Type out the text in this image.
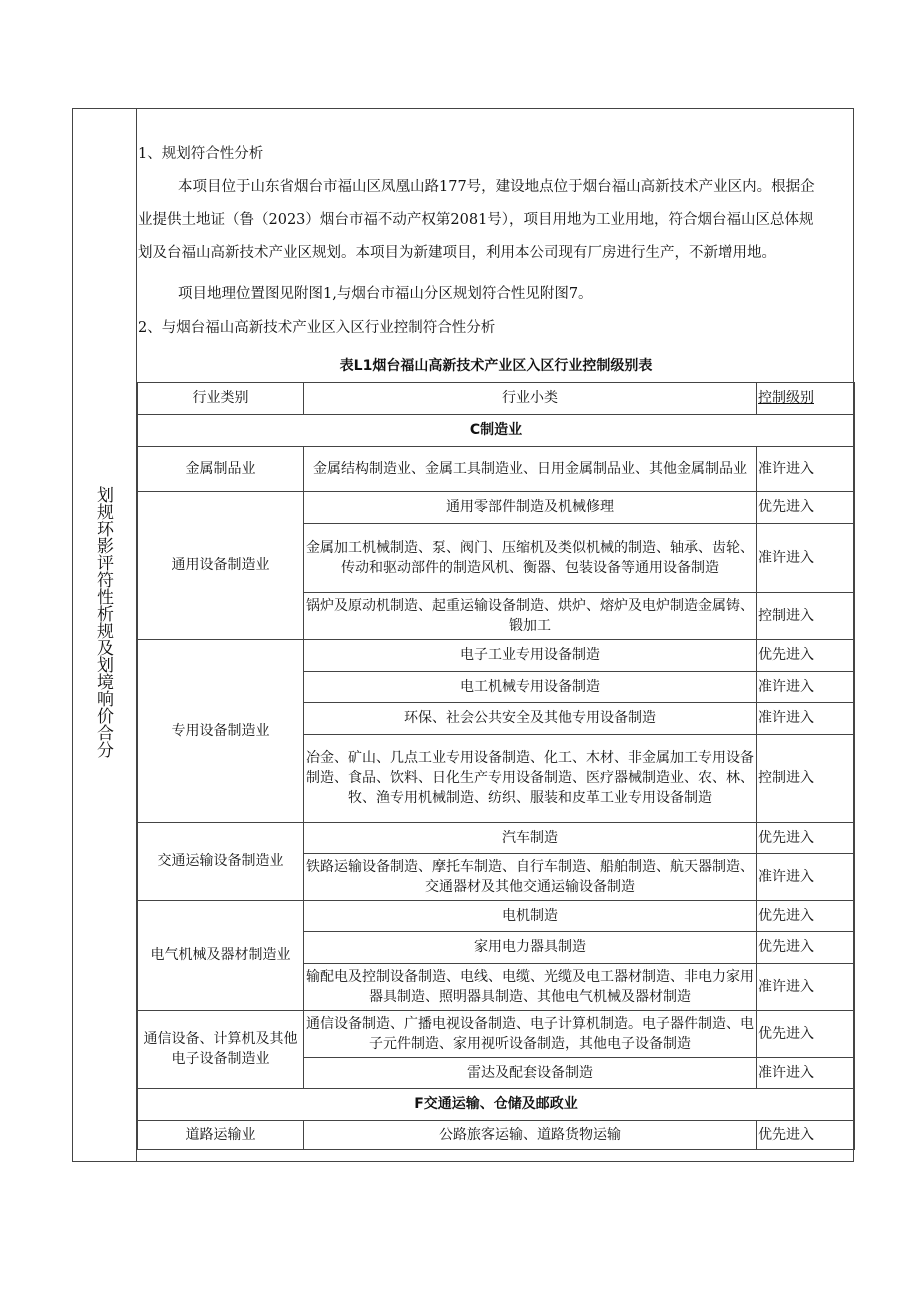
划规环影评符性析规及划境响价合分
1、规划符合性分析
本项目位于山东省烟台市福山区凤凰山路177号，建设地点位于烟台福山高新技术产业区内。根据企
业提供土地证（鲁（2023）烟台市福不动产权第2081号），项目用地为工业用地，符合烟台福山区总体规
划及台福山高新技术产业区规划。本项目为新建项目，利用本公司现有厂房进行生产，不新增用地。
项目地理位置图见附图1,与烟台市福山分区规划符合性见附图7。
2、与烟台福山高新技术产业区入区行业控制符合性分析
表L1烟台福山高新技术产业区入区行业控制级别表		
行业类别	行业小类	控制级别
C制造业		
金属制品业	金属结构制造业、金属工具制造业、日用金属制品业、其他金属制品业	准许进入
通用设备制造业	通用零部件制造及机械修理	优先进入
	金属加工机械制造、泵、阀门、压缩机及类似机械的制造、轴承、齿轮、传动和驱动部件的制造风机、衡器、包装设备等通用设备制造	准许进入
	锅炉及原动机制造、起重运输设备制造、烘炉、熔炉及电炉制造金属铸、锻加工	控制进入
专用设备制造业	电子工业专用设备制造	优先进入
	电工机械专用设备制造	准许进入
	环保、社会公共安全及其他专用设备制造	准许进入
	冶金、矿山、几点工业专用设备制造、化工、木材、非金属加工专用设备制造、食品、饮料、日化生产专用设备制造、医疗器械制造业、农、林、牧、渔专用机械制造、纺织、服装和皮革工业专用设备制造	控制进入
交通运输设备制造业	汽车制造	优先进入
	铁路运输设备制造、摩托车制造、自行车制造、船舶制造、航天器制造、交通器材及其他交通运输设备制造	准许进入
电气机械及器材制造业	电机制造	优先进入
	家用电力器具制造	优先进入
	输配电及控制设备制造、电线、电缆、光缆及电工器材制造、非电力家用器具制造、照明器具制造、其他电气机械及器材制造	准许进入
通信设备、计算机及其他电子设备制造业	通信设备制造、广播电视设备制造、电子计算机制造。电子器件制造、电子元件制造、家用视听设备制造，其他电子设备制造	优先进入
	雷达及配套设备制造	准许进入
F交通运输、仓储及邮政业		
道路运输业	公路旅客运输、道路货物运输	优先进入
